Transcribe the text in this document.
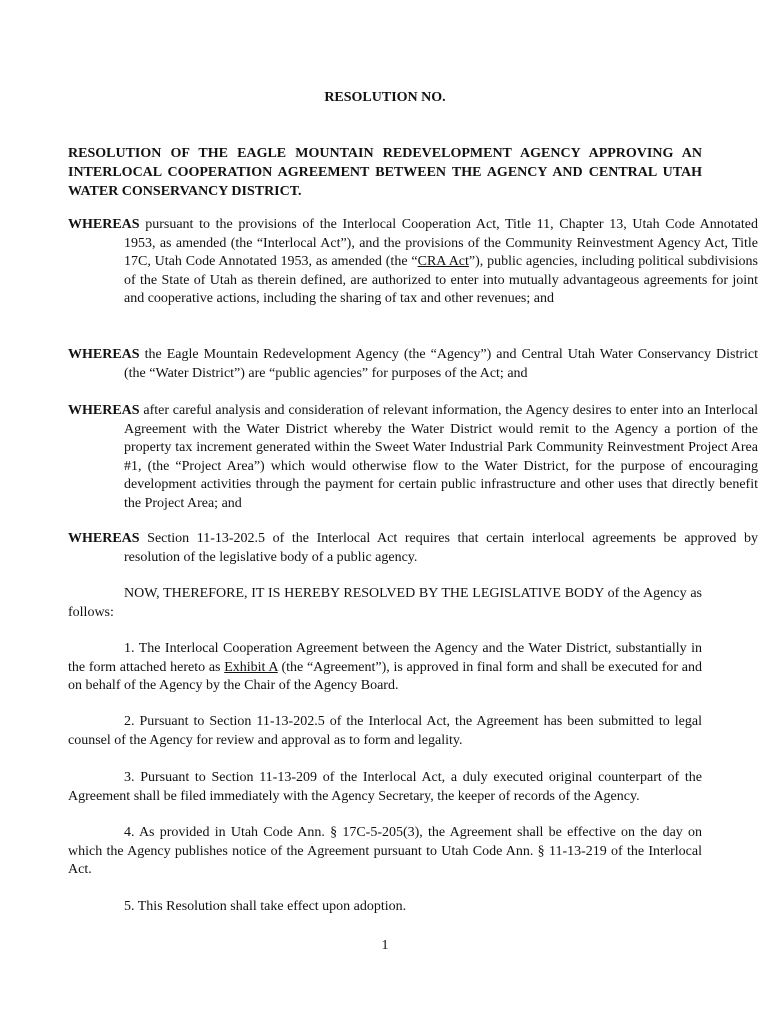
RESOLUTION NO.
RESOLUTION OF THE EAGLE MOUNTAIN REDEVELOPMENT AGENCY APPROVING AN INTERLOCAL COOPERATION AGREEMENT BETWEEN THE AGENCY AND CENTRAL UTAH WATER CONSERVANCY DISTRICT.
WHEREAS pursuant to the provisions of the Interlocal Cooperation Act, Title 11, Chapter 13, Utah Code Annotated 1953, as amended (the “Interlocal Act”), and the provisions of the Community Reinvestment Agency Act, Title 17C, Utah Code Annotated 1953, as amended (the “CRA Act”), public agencies, including political subdivisions of the State of Utah as therein defined, are authorized to enter into mutually advantageous agreements for joint and cooperative actions, including the sharing of tax and other revenues; and
WHEREAS the Eagle Mountain Redevelopment Agency (the “Agency”) and Central Utah Water Conservancy District (the “Water District”) are “public agencies” for purposes of the Act; and
WHEREAS after careful analysis and consideration of relevant information, the Agency desires to enter into an Interlocal Agreement with the Water District whereby the Water District would remit to the Agency a portion of the property tax increment generated within the Sweet Water Industrial Park Community Reinvestment Project Area #1, (the “Project Area”) which would otherwise flow to the Water District, for the purpose of encouraging development activities through the payment for certain public infrastructure and other uses that directly benefit the Project Area; and
WHEREAS Section 11-13-202.5 of the Interlocal Act requires that certain interlocal agreements be approved by resolution of the legislative body of a public agency.
NOW, THEREFORE, IT IS HEREBY RESOLVED BY THE LEGISLATIVE BODY of the Agency as follows:
1. The Interlocal Cooperation Agreement between the Agency and the Water District, substantially in the form attached hereto as Exhibit A (the “Agreement”), is approved in final form and shall be executed for and on behalf of the Agency by the Chair of the Agency Board.
2. Pursuant to Section 11-13-202.5 of the Interlocal Act, the Agreement has been submitted to legal counsel of the Agency for review and approval as to form and legality.
3. Pursuant to Section 11-13-209 of the Interlocal Act, a duly executed original counterpart of the Agreement shall be filed immediately with the Agency Secretary, the keeper of records of the Agency.
4. As provided in Utah Code Ann. § 17C-5-205(3), the Agreement shall be effective on the day on which the Agency publishes notice of the Agreement pursuant to Utah Code Ann. § 11-13-219 of the Interlocal Act.
5. This Resolution shall take effect upon adoption.
1
